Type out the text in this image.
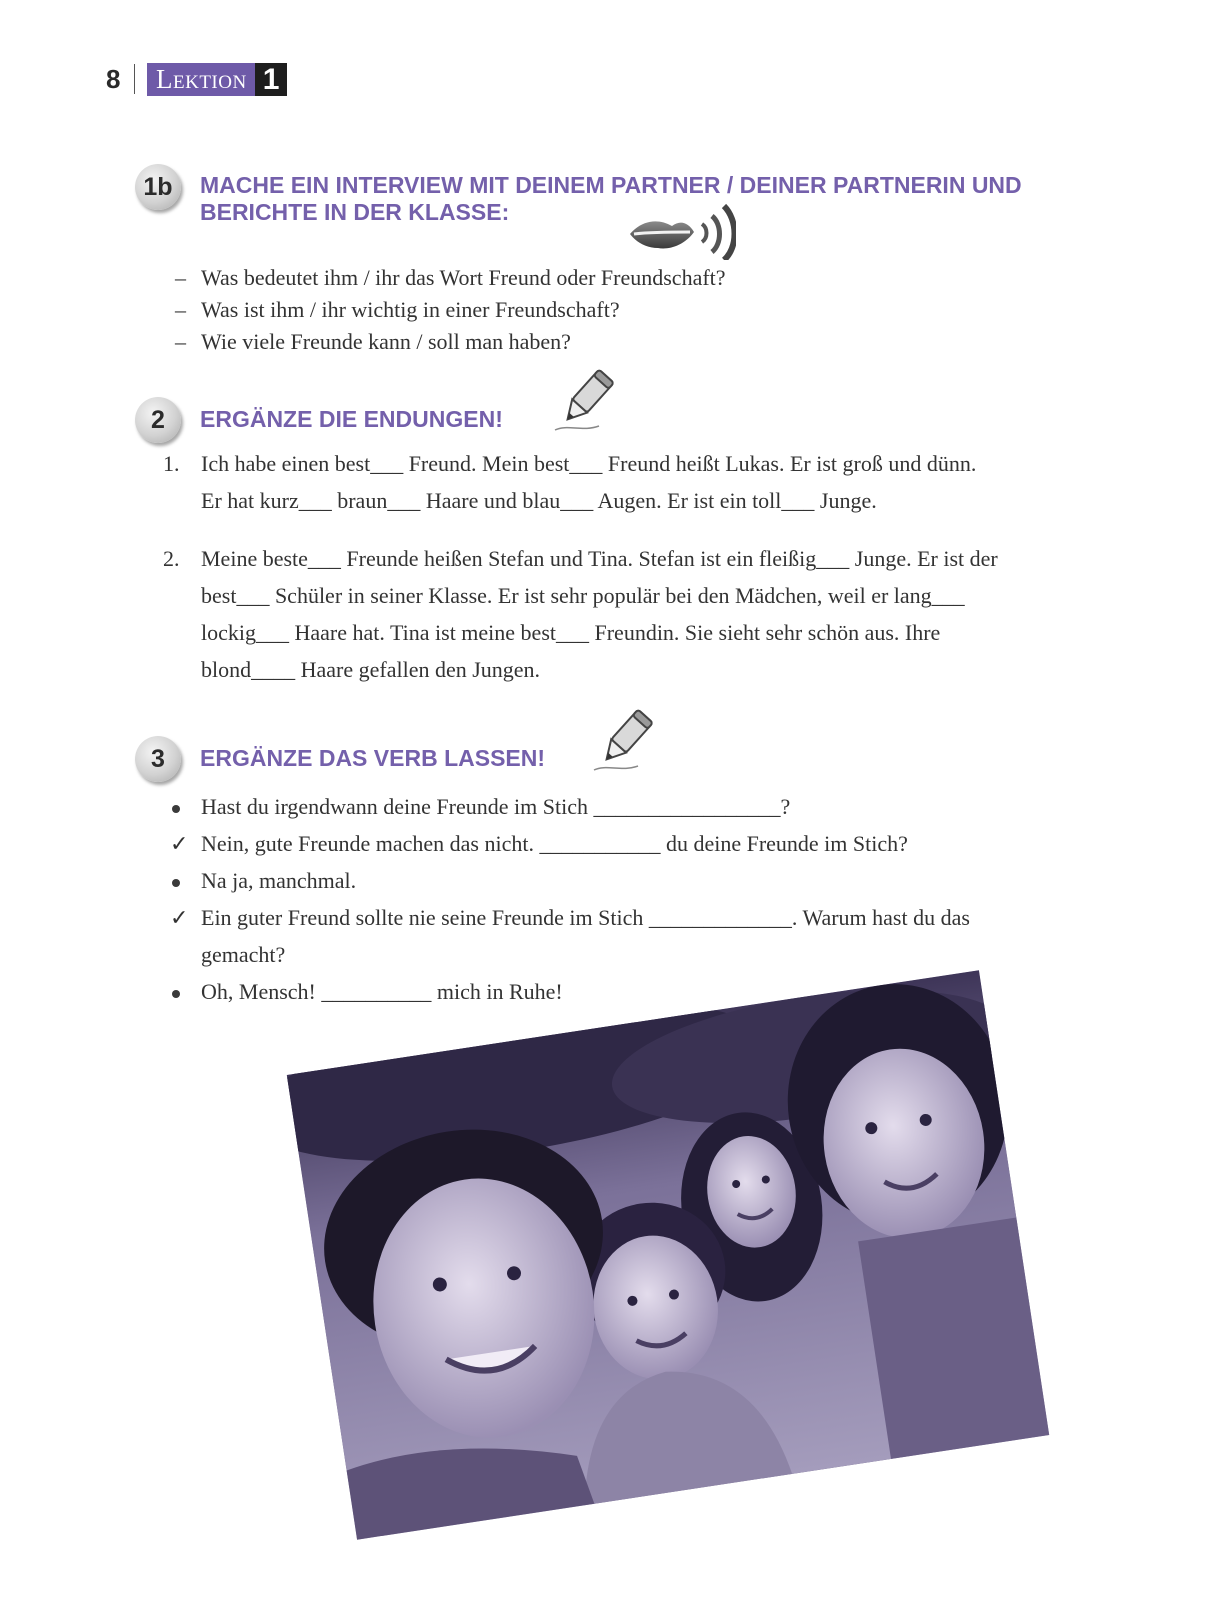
8	Lektion 1
1b	MACHE EIN INTERVIEW MIT DEINEM PARTNER / DEINER PARTNERIN UND
BERICHTE IN DER KLASSE:
– Was bedeutet ihm / ihr das Wort Freund oder Freundschaft?
– Was ist ihm / ihr wichtig in einer Freundschaft?
– Wie viele Freunde kann / soll man haben?
2	ERGÄNZE DIE ENDUNGEN!
1. Ich habe einen best___ Freund. Mein best___ Freund heißt Lukas. Er ist groß und dünn.
Er hat kurz___ braun___ Haare und blau___ Augen. Er ist ein toll___ Junge.
2. Meine beste___ Freunde heißen Stefan und Tina. Stefan ist ein fleißig___ Junge. Er ist der
best___ Schüler in seiner Klasse. Er ist sehr populär bei den Mädchen, weil er lang___
lockig___ Haare hat. Tina ist meine best___ Freundin. Sie sieht sehr schön aus. Ihre
blond____ Haare gefallen den Jungen.
3	ERGÄNZE DAS VERB LASSEN!
Hast du irgendwann deine Freunde im Stich _________________?
✓ Nein, gute Freunde machen das nicht. ___________ du deine Freunde im Stich?
Na ja, manchmal.
✓ Ein guter Freund sollte nie seine Freunde im Stich _____________. Warum hast du das
gemacht?
Oh, Mensch! __________ mich in Ruhe!
